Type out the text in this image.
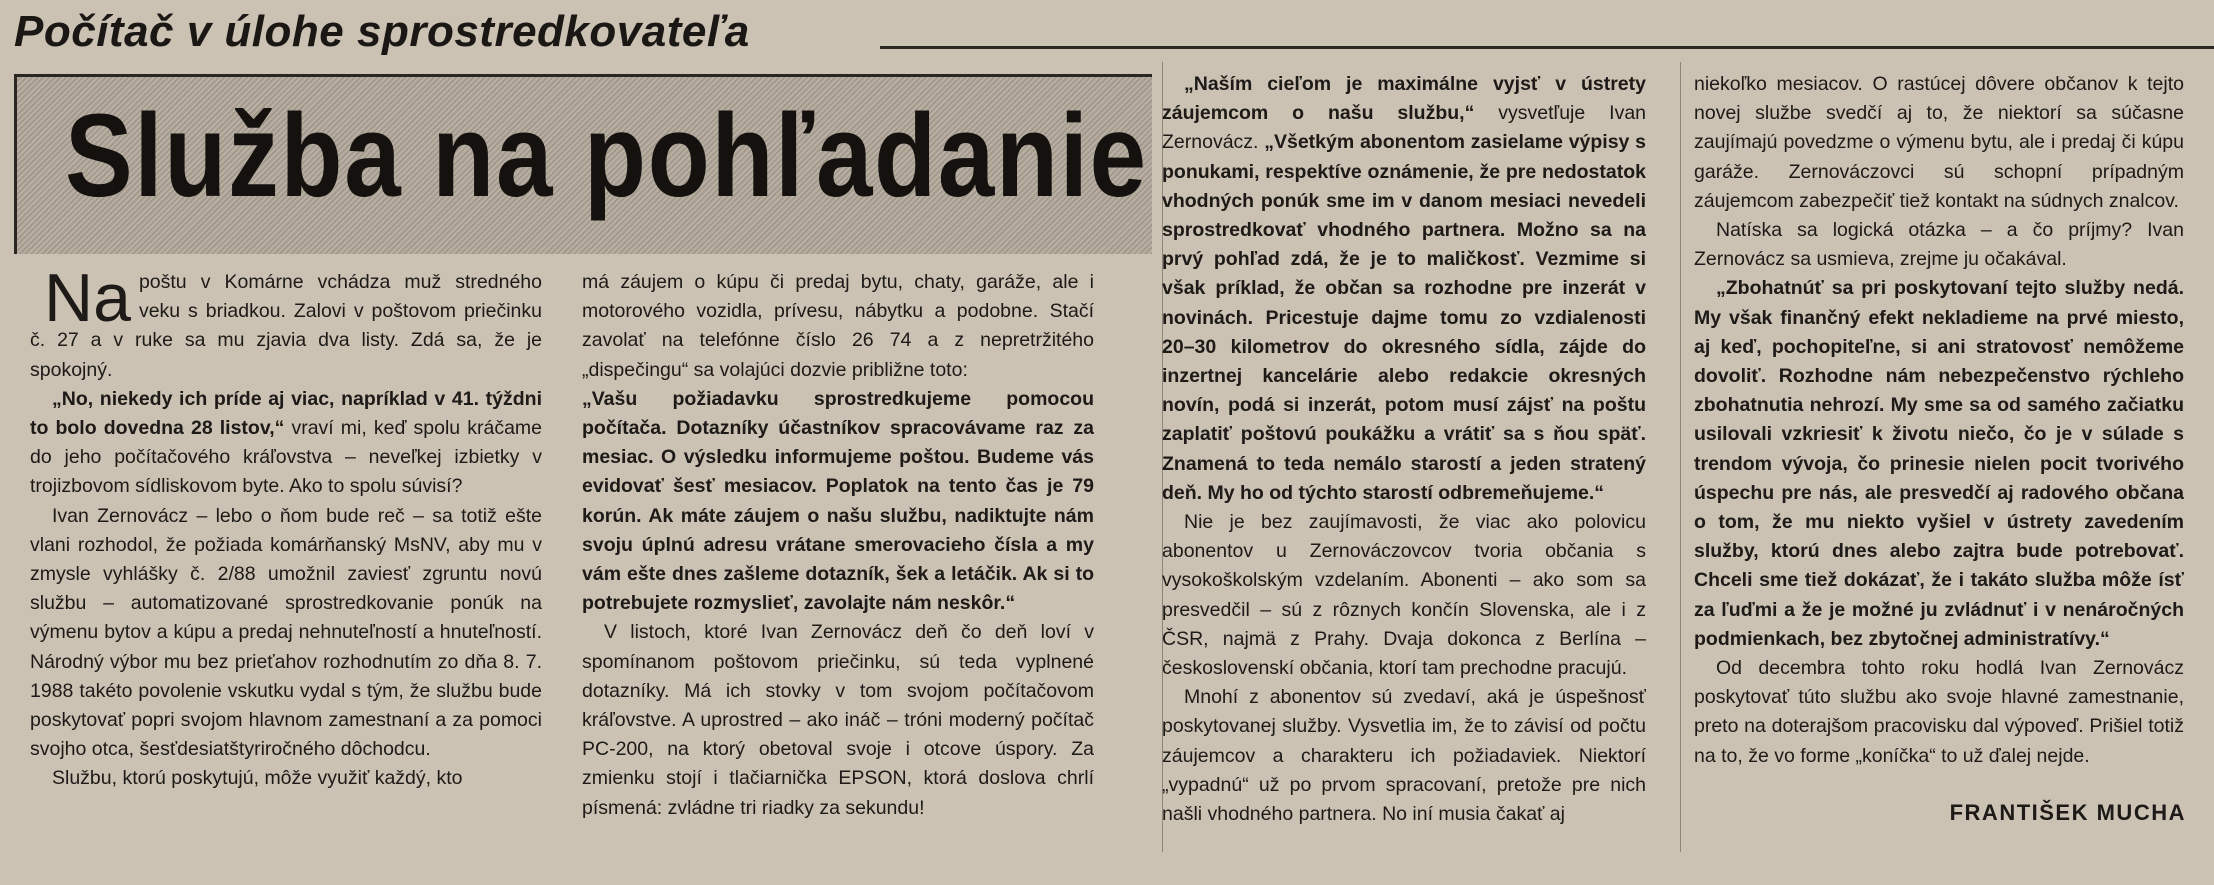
Počítač v úlohe sprostredkovateľa
Služba na pohľadanie

Na poštu v Komárne vchádza muž stredného veku s briadkou. Zalovi v poštovom priečinku č. 27 a v ruke sa mu zjavia dva listy. Zdá sa, že je spokojný.

„No, niekedy ich príde aj viac, napríklad v 41. týždni to bolo dovedna 28 listov,“ vraví mi, keď spolu kráčame do jeho počítačového kráľovstva – neveľkej izbietky v trojizbovom sídliskovom byte. Ako to spolu súvisí?

Ivan Zernovácz – lebo o ňom bude reč – sa totiž ešte vlani rozhodol, že požiada komárňanský MsNV, aby mu v zmysle vyhlášky č. 2/88 umožnil zaviesť zgruntu novú službu – automatizované sprostredkovanie ponúk na výmenu bytov a kúpu a predaj nehnuteľností a hnuteľností. Národný výbor mu bez prieťahov rozhodnutím zo dňa 8. 7. 1988 takéto povolenie vskutku vydal s tým, že službu bude poskytovať popri svojom hlavnom zamestnaní a za pomoci svojho otca, šesťdesiatštyriročného dôchodcu.

Službu, ktorú poskytujú, môže využiť každý, kto

má záujem o kúpu či predaj bytu, chaty, garáže, ale i motorového vozidla, prívesu, nábytku a podobne. Stačí zavolať na telefónne číslo 26 74 a z nepretržitého „dispečingu“ sa volajúci dozvie približne toto:

„Vašu požiadavku sprostredkujeme pomocou počítača. Dotazníky účastníkov spracovávame raz za mesiac. O výsledku informujeme poštou. Budeme vás evidovať šesť mesiacov. Poplatok na tento čas je 79 korún. Ak máte záujem o našu službu, nadiktujte nám svoju úplnú adresu vrátane smerovacieho čísla a my vám ešte dnes zašleme dotazník, šek a letáčik. Ak si to potrebujete rozmyslieť, zavolajte nám neskôr.“

V listoch, ktoré Ivan Zernovácz deň čo deň loví v spomínanom poštovom priečinku, sú teda vyplnené dotazníky. Má ich stovky v tom svojom počítačovom kráľovstve. A uprostred – ako ináč – tróni moderný počítač PC-200, na ktorý obetoval svoje i otcove úspory. Za zmienku stojí i tlačiarnička EPSON, ktorá doslova chrlí písmená: zvládne tri riadky za sekundu!

„Naším cieľom je maximálne vyjsť v ústrety záujemcom o našu službu,“ vysvetľuje Ivan Zernovácz. „Všetkým abonentom zasielame výpisy s ponukami, respektíve oznámenie, že pre nedostatok vhodných ponúk sme im v danom mesiaci nevedeli sprostredkovať vhodného partnera. Možno sa na prvý pohľad zdá, že je to maličkosť. Vezmime si však príklad, že občan sa rozhodne pre inzerát v novinách. Pricestuje dajme tomu zo vzdialenosti 20–30 kilometrov do okresného sídla, zájde do inzertnej kancelárie alebo redakcie okresných novín, podá si inzerát, potom musí zájsť na poštu zaplatiť poštovú poukážku a vrátiť sa s ňou späť. Znamená to teda nemálo starostí a jeden stratený deň. My ho od týchto starostí odbremeňujeme.“

Nie je bez zaujímavosti, že viac ako polovicu abonentov u Zernováczovcov tvoria občania s vysokoškolským vzdelaním. Abonenti – ako som sa presvedčil – sú z rôznych končín Slovenska, ale i z ČSR, najmä z Prahy. Dvaja dokonca z Berlína – československí občania, ktorí tam prechodne pracujú.

Mnohí z abonentov sú zvedaví, aká je úspešnosť poskytovanej služby. Vysvetlia im, že to závisí od počtu záujemcov a charakteru ich požiadaviek. Niektorí „vypadnú“ už po prvom spracovaní, pretože pre nich našli vhodného partnera. No iní musia čakať aj

niekoľko mesiacov. O rastúcej dôvere občanov k tejto novej službe svedčí aj to, že niektorí sa súčasne zaujímajú povedzme o výmenu bytu, ale i predaj či kúpu garáže. Zernováczovci sú schopní prípadným záujemcom zabezpečiť tiež kontakt na súdnych znalcov.

Natíska sa logická otázka – a čo príjmy? Ivan Zernovácz sa usmieva, zrejme ju očakával.

„Zbohatnúť sa pri poskytovaní tejto služby nedá. My však finančný efekt nekladieme na prvé miesto, aj keď, pochopiteľne, si ani stratovosť nemôžeme dovoliť. Rozhodne nám nebezpečenstvo rýchleho zbohatnutia nehrozí. My sme sa od samého začiatku usilovali vzkriesiť k životu niečo, čo je v súlade s trendom vývoja, čo prinesie nielen pocit tvorivého úspechu pre nás, ale presvedčí aj radového občana o tom, že mu niekto vyšiel v ústrety zavedením služby, ktorú dnes alebo zajtra bude potrebovať. Chceli sme tiež dokázať, že i takáto služba môže ísť za ľuďmi a že je možné ju zvládnuť i v nenáročných podmienkach, bez zbytočnej administratívy.“

Od decembra tohto roku hodlá Ivan Zernovácz poskytovať túto službu ako svoje hlavné zamestnanie, preto na doterajšom pracovisku dal výpoveď. Prišiel totiž na to, že vo forme „koníčka“ to už ďalej nejde.

FRANTIŠEK MUCHA
